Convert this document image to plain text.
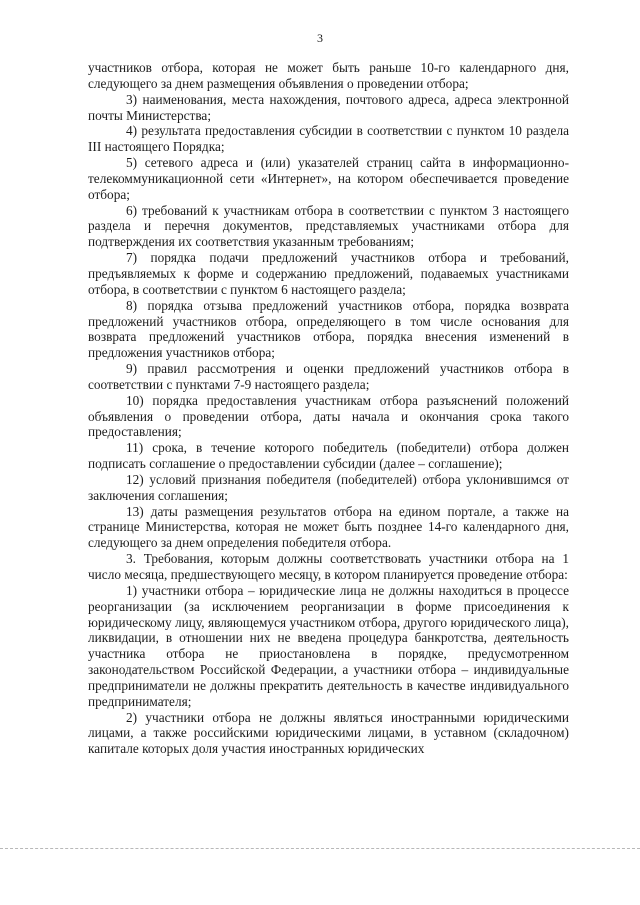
3

участников отбора, которая не может быть раньше 10-го календарного дня, следующего за днем размещения объявления о проведении отбора;

3) наименования, места нахождения, почтового адреса, адреса электронной почты Министерства;

4) результата предоставления субсидии в соответствии с пунктом 10 раздела III настоящего Порядка;

5) сетевого адреса и (или) указателей страниц сайта в информационно-телекоммуникационной сети «Интернет», на котором обеспечивается проведение отбора;

6) требований к участникам отбора в соответствии с пунктом 3 настоящего раздела и перечня документов, представляемых участниками отбора для подтверждения их соответствия указанным требованиям;

7) порядка подачи предложений участников отбора и требований, предъявляемых к форме и содержанию предложений, подаваемых участниками отбора, в соответствии с пунктом 6 настоящего раздела;

8) порядка отзыва предложений участников отбора, порядка возврата предложений участников отбора, определяющего в том числе основания для возврата предложений участников отбора, порядка внесения изменений в предложения участников отбора;

9) правил рассмотрения и оценки предложений участников отбора в соответствии с пунктами 7-9 настоящего раздела;

10) порядка предоставления участникам отбора разъяснений положений объявления о проведении отбора, даты начала и окончания срока такого предоставления;

11) срока, в течение которого победитель (победители) отбора должен подписать соглашение о предоставлении субсидии (далее – соглашение);

12) условий признания победителя (победителей) отбора уклонившимся от заключения соглашения;

13) даты размещения результатов отбора на едином портале, а также на странице Министерства, которая не может быть позднее 14-го календарного дня, следующего за днем определения победителя отбора.

3. Требования, которым должны соответствовать участники отбора на 1 число месяца, предшествующего месяцу, в котором планируется проведение отбора:

1) участники отбора – юридические лица не должны находиться в процессе реорганизации (за исключением реорганизации в форме присоединения к юридическому лицу, являющемуся участником отбора, другого юридического лица), ликвидации, в отношении них не введена процедура банкротства, деятельность участника отбора не приостановлена в порядке, предусмотренном законодательством Российской Федерации, а участники отбора – индивидуальные предприниматели не должны прекратить деятельность в качестве индивидуального предпринимателя;

2) участники отбора не должны являться иностранными юридическими лицами, а также российскими юридическими лицами, в уставном (складочном) капитале которых доля участия иностранных юридических
